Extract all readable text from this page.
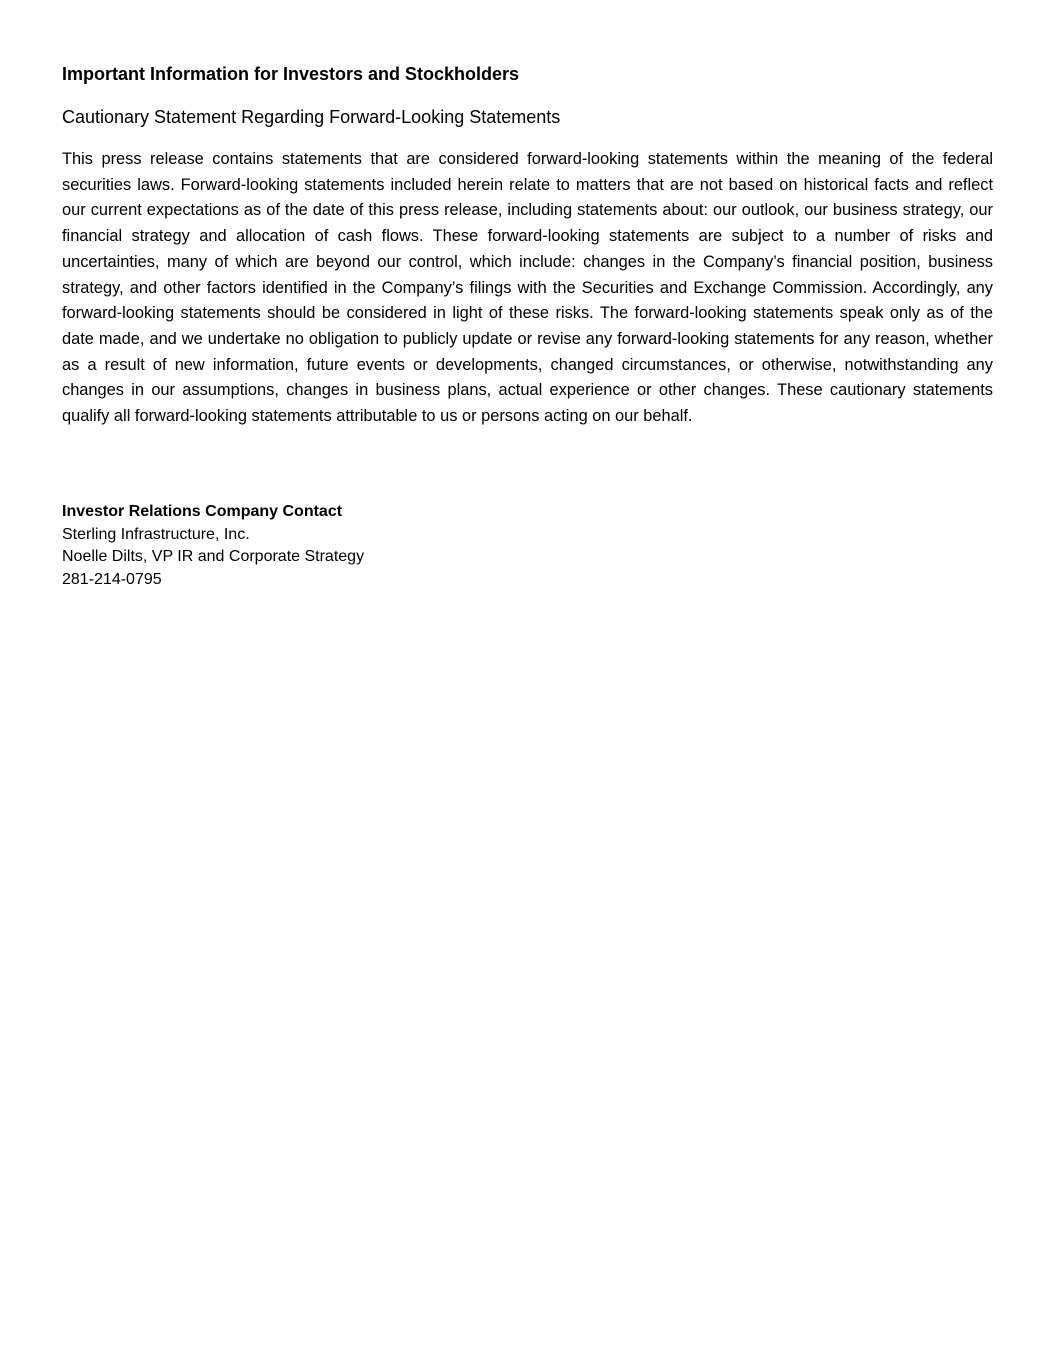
Important Information for Investors and Stockholders
Cautionary Statement Regarding Forward-Looking Statements

This press release contains statements that are considered forward-looking statements within the meaning of the federal securities laws. Forward-looking statements included herein relate to matters that are not based on historical facts and reflect our current expectations as of the date of this press release, including statements about: our outlook, our business strategy, our financial strategy and allocation of cash flows. These forward-looking statements are subject to a number of risks and uncertainties, many of which are beyond our control, which include: changes in the Company’s financial position, business strategy, and other factors identified in the Company’s filings with the Securities and Exchange Commission. Accordingly, any forward-looking statements should be considered in light of these risks. The forward-looking statements speak only as of the date made, and we undertake no obligation to publicly update or revise any forward-looking statements for any reason, whether as a result of new information, future events or developments, changed circumstances, or otherwise, notwithstanding any changes in our assumptions, changes in business plans, actual experience or other changes. These cautionary statements qualify all forward-looking statements attributable to us or persons acting on our behalf.

Investor Relations Company Contact
Sterling Infrastructure, Inc.
Noelle Dilts, VP IR and Corporate Strategy
281-214-0795
